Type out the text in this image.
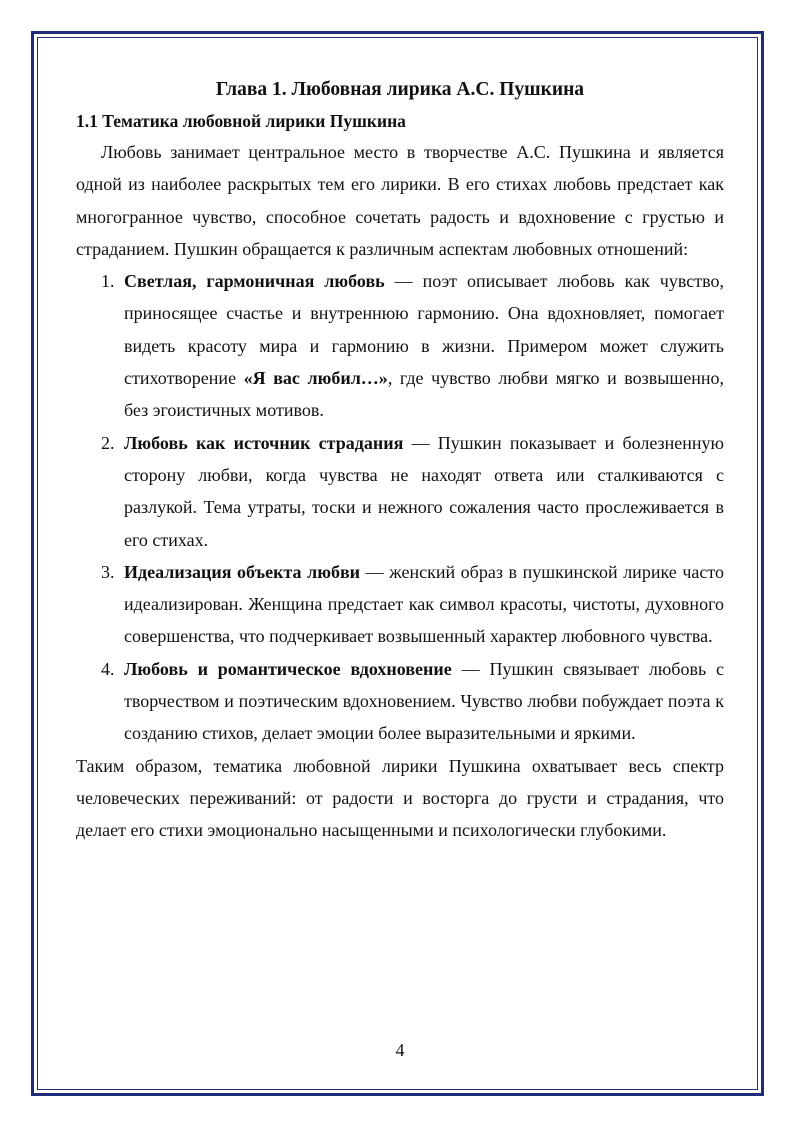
Глава 1. Любовная лирика А.С. Пушкина
1.1 Тематика любовной лирики Пушкина

Любовь занимает центральное место в творчестве А.С. Пушкина и является одной из наиболее раскрытых тем его лирики. В его стихах любовь предстает как многогранное чувство, способное сочетать радость и вдохновение с грустью и страданием. Пушкин обращается к различным аспектам любовных отношений:

1. Светлая, гармоничная любовь — поэт описывает любовь как чувство, приносящее счастье и внутреннюю гармонию. Она вдохновляет, помогает видеть красоту мира и гармонию в жизни. Примером может служить стихотворение «Я вас любил…», где чувство любви мягко и возвышенно, без эгоистичных мотивов.
2. Любовь как источник страдания — Пушкин показывает и болезненную сторону любви, когда чувства не находят ответа или сталкиваются с разлукой. Тема утраты, тоски и нежного сожаления часто прослеживается в его стихах.
3. Идеализация объекта любви — женский образ в пушкинской лирике часто идеализирован. Женщина предстает как символ красоты, чистоты, духовного совершенства, что подчеркивает возвышенный характер любовного чувства.
4. Любовь и романтическое вдохновение — Пушкин связывает любовь с творчеством и поэтическим вдохновением. Чувство любви побуждает поэта к созданию стихов, делает эмоции более выразительными и яркими.

Таким образом, тематика любовной лирики Пушкина охватывает весь спектр человеческих переживаний: от радости и восторга до грусти и страдания, что делает его стихи эмоционально насыщенными и психологически глубокими.

4
